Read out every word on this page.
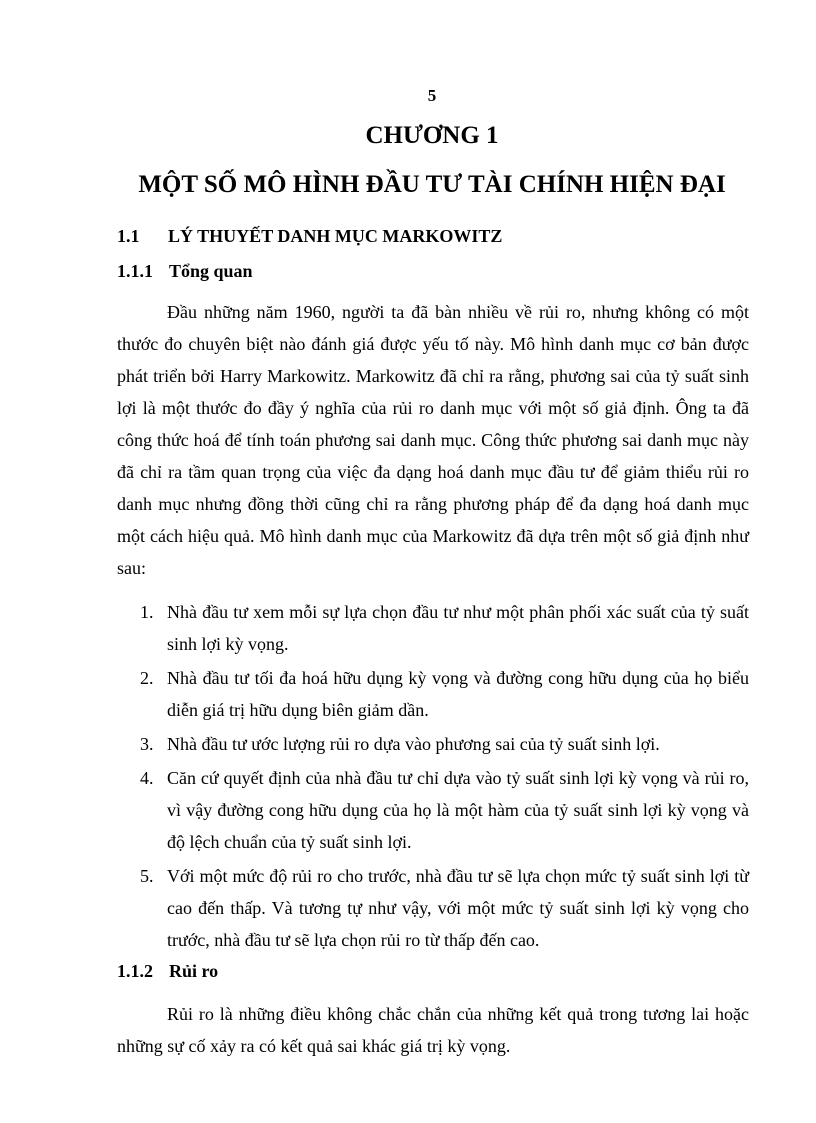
5
CHƯƠNG 1
MỘT SỐ MÔ HÌNH ĐẦU TƯ TÀI CHÍNH HIỆN ĐẠI
1.1 LÝ THUYẾT DANH MỤC MARKOWITZ
1.1.1 Tổng quan

Đầu những năm 1960, người ta đã bàn nhiều về rủi ro, nhưng không có một thước đo chuyên biệt nào đánh giá được yếu tố này. Mô hình danh mục cơ bản được phát triển bởi Harry Markowitz. Markowitz đã chỉ ra rằng, phương sai của tỷ suất sinh lợi là một thước đo đầy ý nghĩa của rủi ro danh mục với một số giả định. Ông ta đã công thức hoá để tính toán phương sai danh mục. Công thức phương sai danh mục này đã chỉ ra tầm quan trọng của việc đa dạng hoá danh mục đầu tư để giảm thiểu rủi ro danh mục nhưng đồng thời cũng chỉ ra rằng phương pháp để đa dạng hoá danh mục một cách hiệu quả. Mô hình danh mục của Markowitz đã dựa trên một số giả định như sau:

1. Nhà đầu tư xem mỗi sự lựa chọn đầu tư như một phân phối xác suất của tỷ suất sinh lợi kỳ vọng.
2. Nhà đầu tư tối đa hoá hữu dụng kỳ vọng và đường cong hữu dụng của họ biểu diễn giá trị hữu dụng biên giảm dần.
3. Nhà đầu tư ước lượng rủi ro dựa vào phương sai của tỷ suất sinh lợi.
4. Căn cứ quyết định của nhà đầu tư chỉ dựa vào tỷ suất sinh lợi kỳ vọng và rủi ro, vì vậy đường cong hữu dụng của họ là một hàm của tỷ suất sinh lợi kỳ vọng và độ lệch chuẩn của tỷ suất sinh lợi.
5. Với một mức độ rủi ro cho trước, nhà đầu tư sẽ lựa chọn mức tỷ suất sinh lợi từ cao đến thấp. Và tương tự như vậy, với một mức tỷ suất sinh lợi kỳ vọng cho trước, nhà đầu tư sẽ lựa chọn rủi ro từ thấp đến cao.
1.1.2 Rủi ro

Rủi ro là những điều không chắc chắn của những kết quả trong tương lai hoặc những sự cố xảy ra có kết quả sai khác giá trị kỳ vọng.
